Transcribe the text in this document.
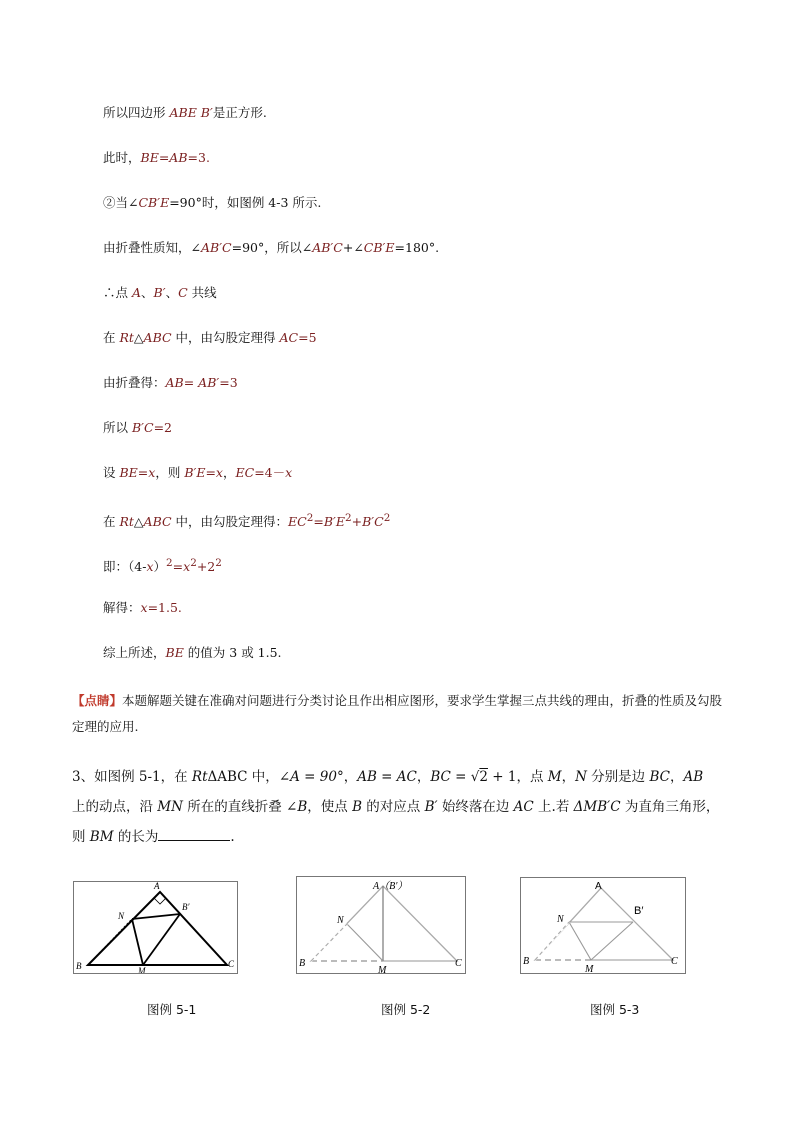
所以四边形 ABE B′是正方形.
此时，BE=AB=3.
②当∠CB′E=90°时，如图例 4-3 所示.
由折叠性质知，∠AB′C=90°，所以∠AB′C+∠CB′E=180°.
∴点 A、B′、C 共线
在 Rt△ABC 中，由勾股定理得 AC=5
由折叠得：AB= AB′=3
所以 B′C=2
设 BE=x，则 B′E=x，EC=4－x
在 Rt△ABC 中，由勾股定理得：$EC^2=B'E^2+B'C^2$
即：$(4-x)^2=x^2+2^2$
解得：x=1.5.
综上所述，BE 的值为 3 或 1.5.
【点睛】本题解题关键在准确对问题进行分类讨论且作出相应图形，要求学生掌握三点共线的理由，折叠的性质及勾股定理的应用.
3、如图例 5-1，在 RtΔABC 中，∠A = 90°，AB = AC，BC = √2 + 1，点 M，N 分别是边 BC，AB
上的动点，沿 MN 所在的直线折叠 ∠B，使点 B 的对应点 B′ 始终落在边 AC 上.若 ΔMB′C 为直角三角形，
则 BM 的长为	.
A
B	C
M
N
B′
图例 5-1
A（B′）
B	C
M
N
图例 5-2
A
B	C
M
N
B′
图例 5-3
